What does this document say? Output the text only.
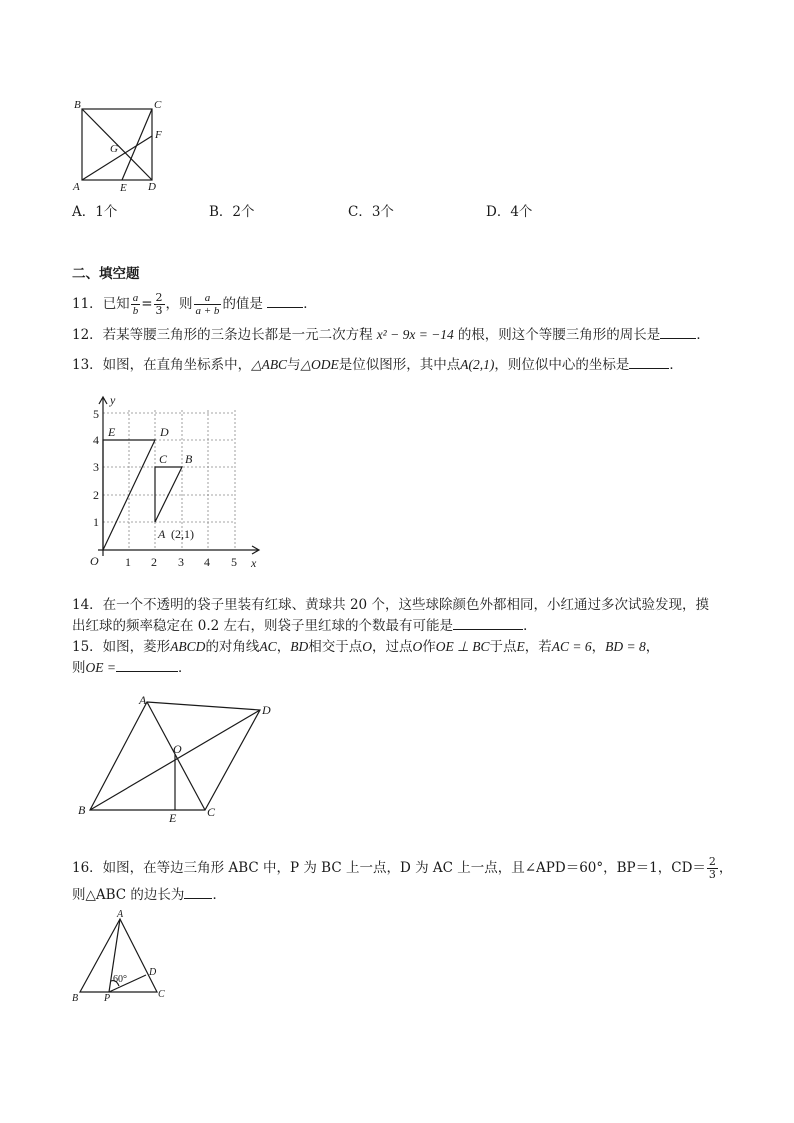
B	C
F
G
A	E D
A．1个	B．2个	C．3个	D．4个
二、填空题
11．已知 $\frac{a}{b} = \frac{2}{3}$ ，则 $\frac{a}{a + b}$ 的值是	．
12．若某等腰三角形的三条边长都是一元二次方程 x² − 9x = −14 的根，则这个等腰三角形的周长是	．
13．如图，在直角坐标系中，△ABC与△ODE是位似图形，其中点A(2,1)，则位似中心的坐标是	．
y
x
O
1
2
3
4
5
1 2 3 4 5
E	D
C B
A (2,1)
14．在一个不透明的袋子里装有红球、黄球共 20 个，这些球除颜色外都相同，小红通过多次试验发现，摸
出红球的频率稳定在 0.2 左右，则袋子里红球的个数最有可能是	．
15．如图，菱形ABCD的对角线AC，BD相交于点O，过点O作OE ⊥ BC于点E，若AC = 6，BD = 8，
则OE =	．
A
D
O
B
E	C
16．如图，在等边三角形 ABC 中，P 为 BC 上一点，D 为 AC 上一点，且∠APD＝60°，BP＝1，$CD= \frac{2}{3}$ ，
则△ABC 的边长为 ．
A
D
B	P	C
60°
